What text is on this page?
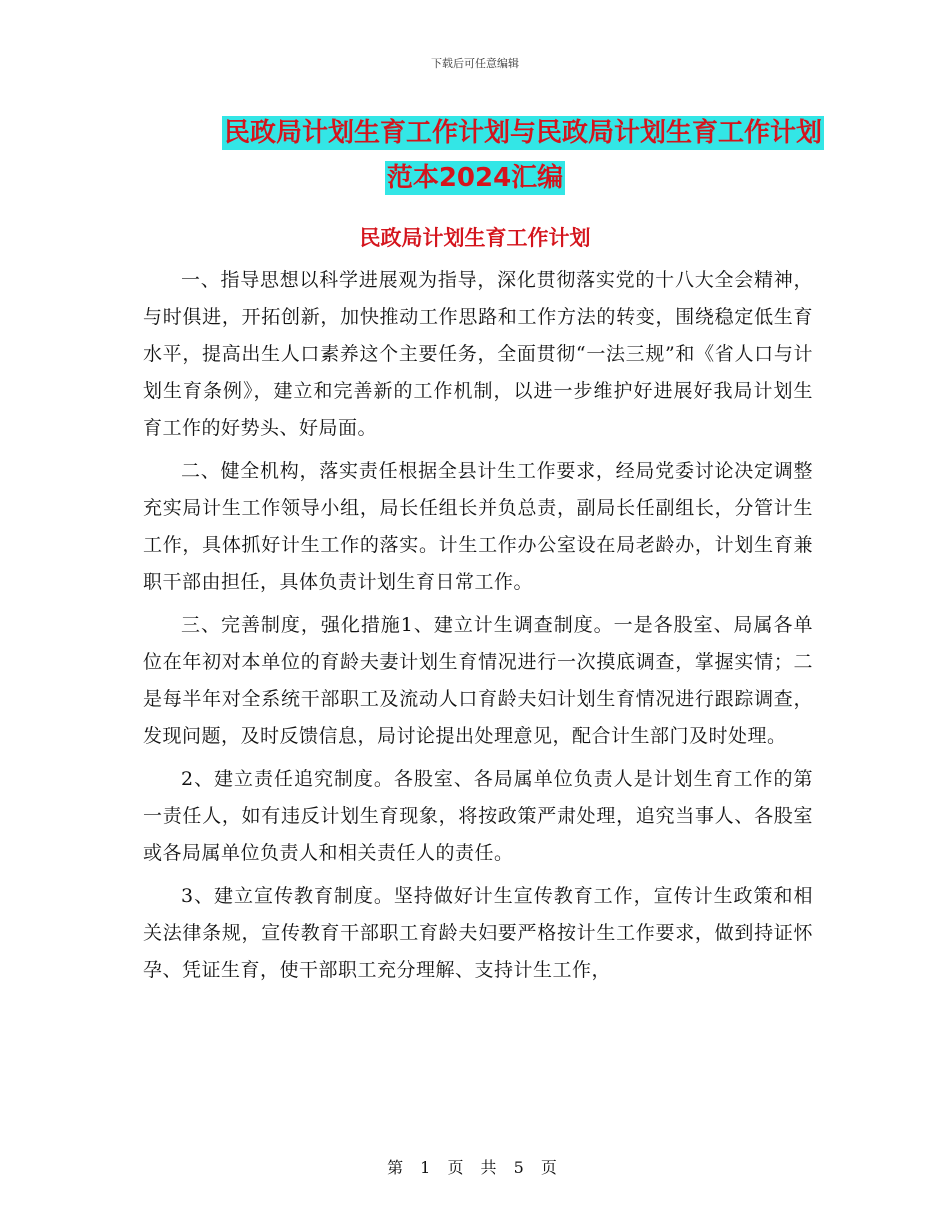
下载后可任意编辑
民政局计划生育工作计划与民政局计划生育工作计划
范本2024汇编
民政局计划生育工作计划

一、指导思想以科学进展观为指导，深化贯彻落实党的十八大全会精神，与时俱进，开拓创新，加快推动工作思路和工作方法的转变，围绕稳定低生育水平，提高出生人口素养这个主要任务，全面贯彻“一法三规”和《省人口与计划生育条例》，建立和完善新的工作机制，以进一步维护好进展好我局计划生育工作的好势头、好局面。

二、健全机构，落实责任根据全县计生工作要求，经局党委讨论决定调整充实局计生工作领导小组，局长任组长并负总责，副局长任副组长，分管计生工作，具体抓好计生工作的落实。计生工作办公室设在局老龄办，计划生育兼职干部由担任，具体负责计划生育日常工作。

三、完善制度，强化措施1、建立计生调查制度。一是各股室、局属各单位在年初对本单位的育龄夫妻计划生育情况进行一次摸底调查，掌握实情；二是每半年对全系统干部职工及流动人口育龄夫妇计划生育情况进行跟踪调查，发现问题，及时反馈信息，局讨论提出处理意见，配合计生部门及时处理。

2、建立责任追究制度。各股室、各局属单位负责人是计划生育工作的第一责任人，如有违反计划生育现象，将按政策严肃处理，追究当事人、各股室或各局属单位负责人和相关责任人的责任。

3、建立宣传教育制度。坚持做好计生宣传教育工作，宣传计生政策和相关法律条规，宣传教育干部职工育龄夫妇要严格按计生工作要求，做到持证怀孕、凭证生育，使干部职工充分理解、支持计生工作，

第 1 页 共 5 页
